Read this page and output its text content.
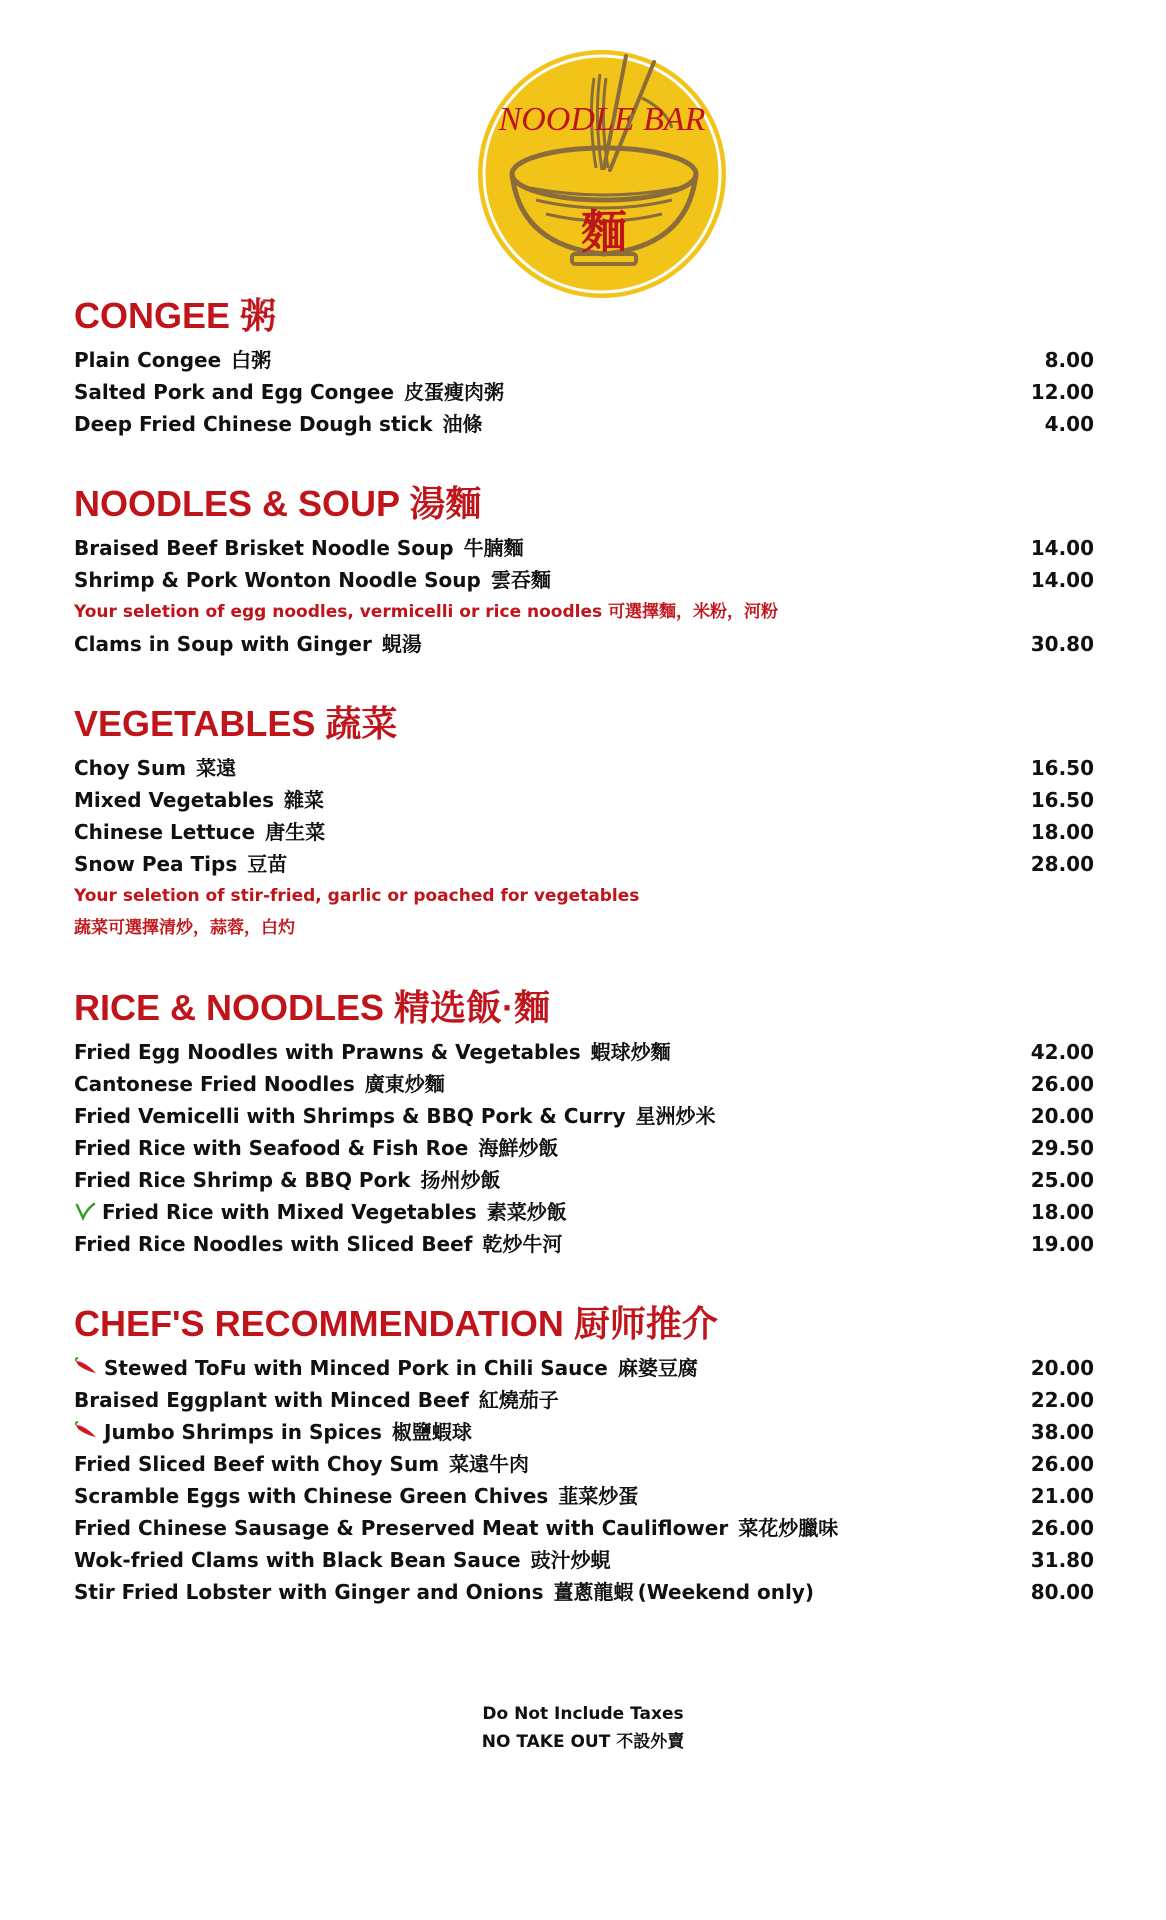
NOODLE BAR
麵
CONGEE 粥
Plain Congee 白粥	8.00
Salted Pork and Egg Congee 皮蛋瘦肉粥	12.00
Deep Fried Chinese Dough stick 油條	4.00
NOODLES & SOUP 湯麵
Braised Beef Brisket Noodle Soup 牛腩麵	14.00
Shrimp & Pork Wonton Noodle Soup 雲吞麵	14.00
Your seletion of egg noodles, vermicelli or rice noodles 可選擇麵，米粉，河粉
Clams in Soup with Ginger 蜆湯	30.80
VEGETABLES 蔬菜
Choy Sum 菜遠	16.50
Mixed Vegetables 雜菜	16.50
Chinese Lettuce 唐生菜	18.00
Snow Pea Tips 豆苗	28.00
Your seletion of stir-fried, garlic or poached for vegetables
蔬菜可選擇清炒，蒜蓉，白灼
RICE & NOODLES 精选飯·麵
Fried Egg Noodles with Prawns & Vegetables 蝦球炒麵	42.00
Cantonese Fried Noodles 廣東炒麵	26.00
Fried Vemicelli with Shrimps & BBQ Pork & Curry 星洲炒米	20.00
Fried Rice with Seafood & Fish Roe 海鮮炒飯	29.50
Fried Rice Shrimp & BBQ Pork 扬州炒飯	25.00
Fried Rice with Mixed Vegetables 素菜炒飯	18.00
Fried Rice Noodles with Sliced Beef 乾炒牛河	19.00
CHEF'S RECOMMENDATION 厨师推介
Stewed ToFu with Minced Pork in Chili Sauce 麻婆豆腐	20.00
Braised Eggplant with Minced Beef 紅燒茄子	22.00
Jumbo Shrimps in Spices 椒鹽蝦球	38.00
Fried Sliced Beef with Choy Sum 菜遠牛肉	26.00
Scramble Eggs with Chinese Green Chives 韮菜炒蛋	21.00
Fried Chinese Sausage & Preserved Meat with Cauliflower 菜花炒臘味	26.00
Wok-fried Clams with Black Bean Sauce 豉汁炒蜆	31.80
Stir Fried Lobster with Ginger and Onions 薑蔥龍蝦 (Weekend only)	80.00
Do Not Include Taxes
NO TAKE OUT 不設外賣
